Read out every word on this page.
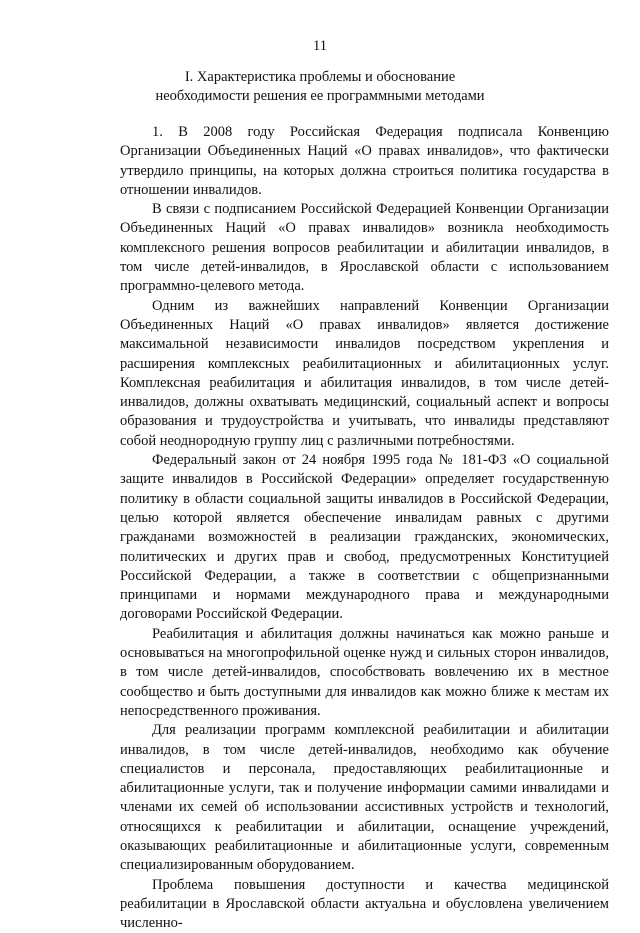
11
I. Характеристика проблемы и обоснование
необходимости решения ее программными методами

1. В 2008 году Российская Федерация подписала Конвенцию Организации Объединенных Наций «О правах инвалидов», что фактически утвердило принципы, на которых должна строиться политика государства в отношении инвалидов.

В связи с подписанием Российской Федерацией Конвенции Организации Объединенных Наций «О правах инвалидов» возникла необходимость комплексного решения вопросов реабилитации и абилитации инвалидов, в том числе детей-инвалидов, в Ярославской области с использованием программно-целевого метода.

Одним из важнейших направлений Конвенции Организации Объединенных Наций «О правах инвалидов» является достижение максимальной независимости инвалидов посредством укрепления и расширения комплексных реабилитационных и абилитационных услуг. Комплексная реабилитация и абилитация инвалидов, в том числе детей-инвалидов, должны охватывать медицинский, социальный аспект и вопросы образования и трудоустройства и учитывать, что инвалиды представляют собой неоднородную группу лиц с различными потребностями.

Федеральный закон от 24 ноября 1995 года № 181-ФЗ «О социальной защите инвалидов в Российской Федерации» определяет государственную политику в области социальной защиты инвалидов в Российской Федерации, целью которой является обеспечение инвалидам равных с другими гражданами возможностей в реализации гражданских, экономических, политических и других прав и свобод, предусмотренных Конституцией Российской Федерации, а также в соответствии с общепризнанными принципами и нормами международного права и международными договорами Российской Федерации.

Реабилитация и абилитация должны начинаться как можно раньше и основываться на многопрофильной оценке нужд и сильных сторон инвалидов, в том числе детей-инвалидов, способствовать вовлечению их в местное сообщество и быть доступными для инвалидов как можно ближе к местам их непосредственного проживания.

Для реализации программ комплексной реабилитации и абилитации инвалидов, в том числе детей-инвалидов, необходимо как обучение специалистов и персонала, предоставляющих реабилитационные и абилитационные услуги, так и получение информации самими инвалидами и членами их семей об использовании ассистивных устройств и технологий, относящихся к реабилитации и абилитации, оснащение учреждений, оказывающих реабилитационные и абилитационные услуги, современным специализированным оборудованием.

Проблема повышения доступности и качества медицинской реабилитации в Ярославской области актуальна и обусловлена увеличением численно-
